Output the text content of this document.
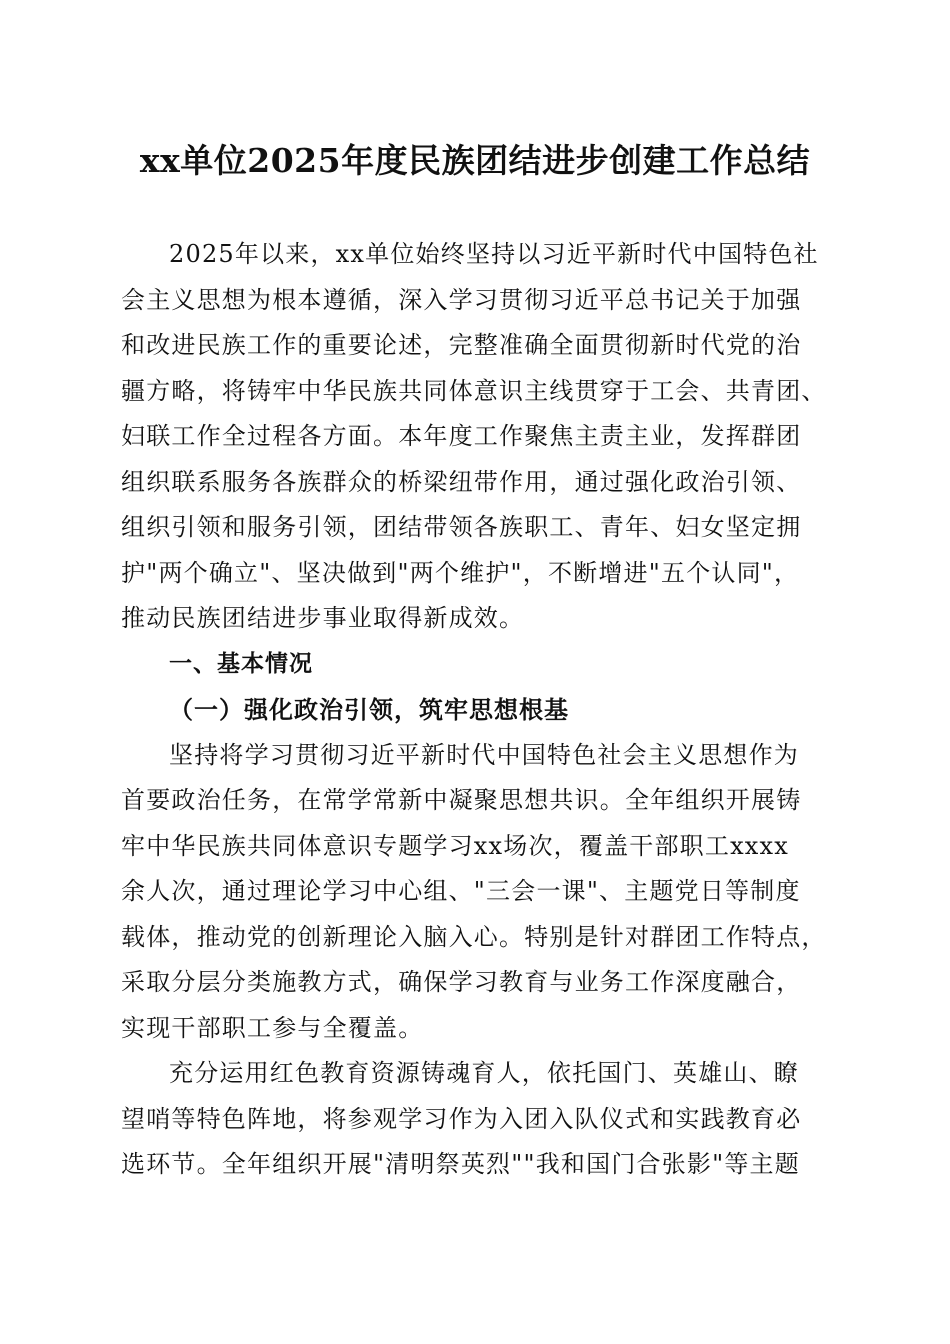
xx单位2025年度民族团结进步创建工作总结
2025年以来，xx单位始终坚持以习近平新时代中国特色社
会主义思想为根本遵循，深入学习贯彻习近平总书记关于加强
和改进民族工作的重要论述，完整准确全面贯彻新时代党的治
疆方略，将铸牢中华民族共同体意识主线贯穿于工会、共青团、
妇联工作全过程各方面。本年度工作聚焦主责主业，发挥群团
组织联系服务各族群众的桥梁纽带作用，通过强化政治引领、
组织引领和服务引领，团结带领各族职工、青年、妇女坚定拥
护"两个确立"、坚决做到"两个维护"，不断增进"五个认同"，
推动民族团结进步事业取得新成效。
一、基本情况
（一）强化政治引领，筑牢思想根基
坚持将学习贯彻习近平新时代中国特色社会主义思想作为
首要政治任务，在常学常新中凝聚思想共识。全年组织开展铸
牢中华民族共同体意识专题学习xx场次，覆盖干部职工xxxx
余人次，通过理论学习中心组、"三会一课"、主题党日等制度
载体，推动党的创新理论入脑入心。特别是针对群团工作特点，
采取分层分类施教方式，确保学习教育与业务工作深度融合，
实现干部职工参与全覆盖。
充分运用红色教育资源铸魂育人，依托国门、英雄山、瞭
望哨等特色阵地，将参观学习作为入团入队仪式和实践教育必
选环节。全年组织开展"清明祭英烈""我和国门合张影"等主题
